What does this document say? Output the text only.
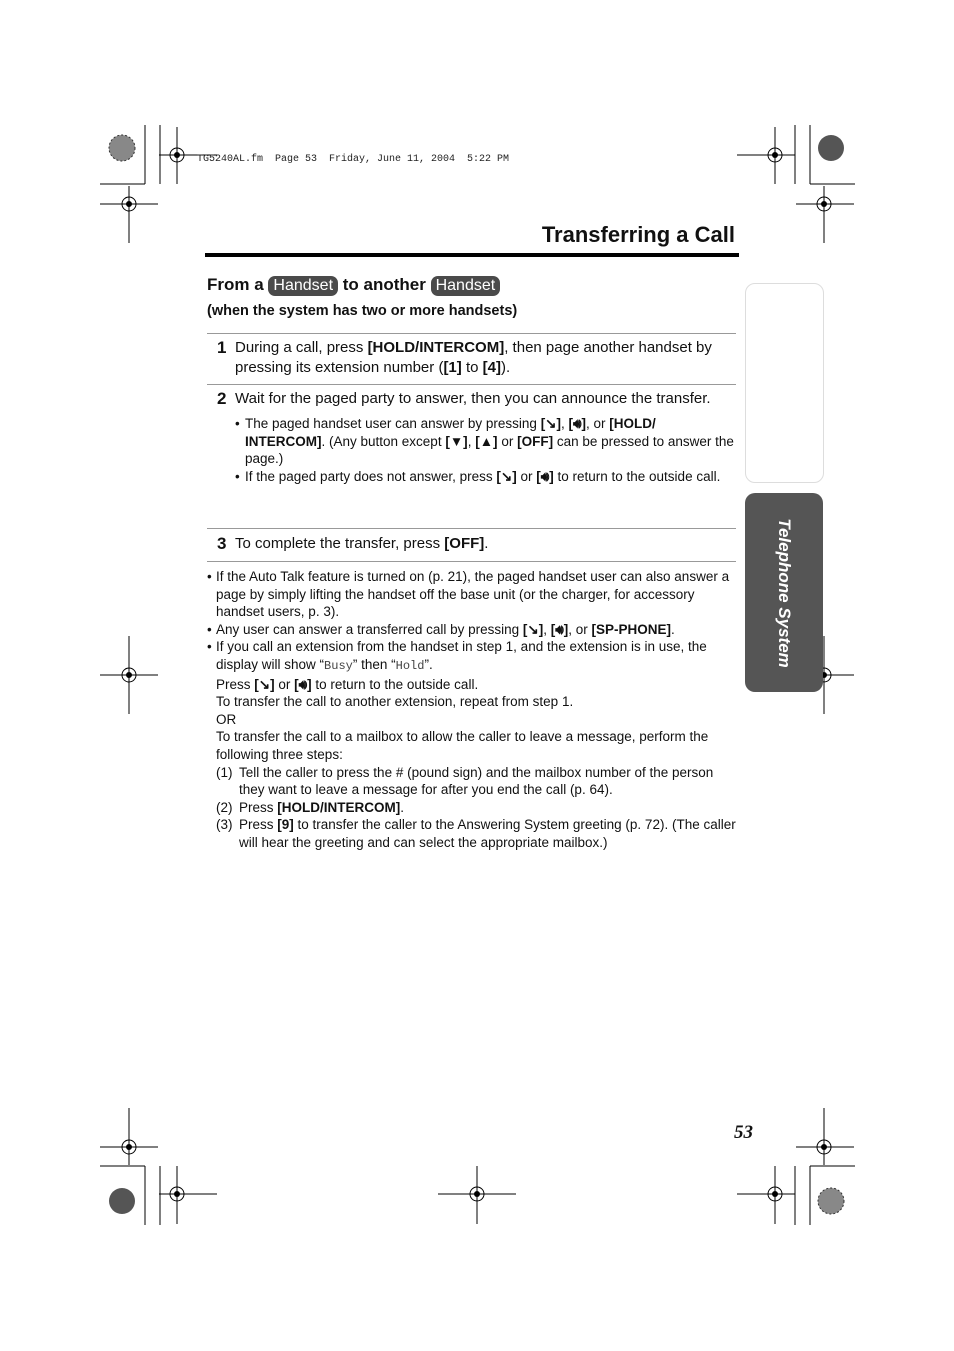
TG5240AL.fm  Page 53  Friday, June 11, 2004  5:22 PM
Transferring a Call
From a Handset to another Handset
(when the system has two or more handsets)
1 During a call, press [HOLD/INTERCOM], then page another handset by pressing its extension number ([1] to [4]).
2 Wait for the paged party to answer, then you can announce the transfer.
• The paged handset user can answer by pressing [↘], [🔊︎], or [HOLD/ INTERCOM]. (Any button except [▼], [▲] or [OFF] can be pressed to answer the page.)
• If the paged party does not answer, press [↘] or [🔊︎] to return to the outside call.
3 To complete the transfer, press [OFF].
• If the Auto Talk feature is turned on (p. 21), the paged handset user can also answer a page by simply lifting the handset off the base unit (or the charger, for accessory handset users, p. 3).
• Any user can answer a transferred call by pressing [↘], [🔊︎], or [SP-PHONE].
• If you call an extension from the handset in step 1, and the extension is in use, the display will show “Busy” then “Hold”.
Press [↘] or [🔊︎] to return to the outside call.
To transfer the call to another extension, repeat from step 1.
OR
To transfer the call to a mailbox to allow the caller to leave a message, perform the following three steps:
(1) Tell the caller to press the # (pound sign) and the mailbox number of the person they want to leave a message for after you end the call (p. 64).
(2) Press [HOLD/INTERCOM].
(3) Press [9] to transfer the caller to the Answering System greeting (p. 72). (The caller will hear the greeting and can select the appropriate mailbox.)
Telephone System
53
